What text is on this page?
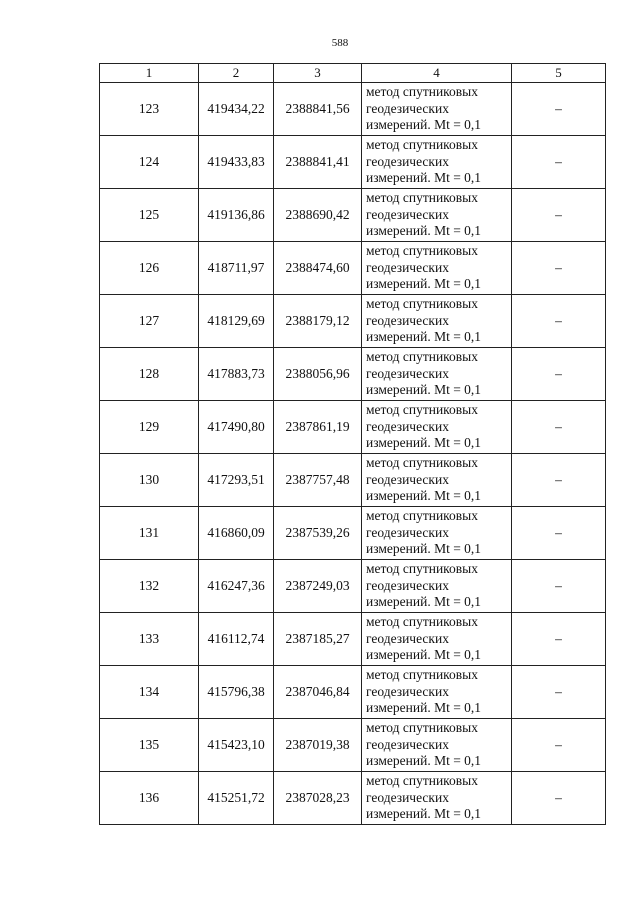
588
1	2	3	4	5
123	419434,22	2388841,56	метод спутниковых
геодезических
измерений. Mt = 0,1	–
124	419433,83	2388841,41	метод спутниковых
геодезических
измерений. Mt = 0,1	–
125	419136,86	2388690,42	метод спутниковых
геодезических
измерений. Mt = 0,1	–
126	418711,97	2388474,60	метод спутниковых
геодезических
измерений. Mt = 0,1	–
127	418129,69	2388179,12	метод спутниковых
геодезических
измерений. Mt = 0,1	–
128	417883,73	2388056,96	метод спутниковых
геодезических
измерений. Mt = 0,1	–
129	417490,80	2387861,19	метод спутниковых
геодезических
измерений. Mt = 0,1	–
130	417293,51	2387757,48	метод спутниковых
геодезических
измерений. Mt = 0,1	–
131	416860,09	2387539,26	метод спутниковых
геодезических
измерений. Mt = 0,1	–
132	416247,36	2387249,03	метод спутниковых
геодезических
измерений. Mt = 0,1	–
133	416112,74	2387185,27	метод спутниковых
геодезических
измерений. Mt = 0,1	–
134	415796,38	2387046,84	метод спутниковых
геодезических
измерений. Mt = 0,1	–
135	415423,10	2387019,38	метод спутниковых
геодезических
измерений. Mt = 0,1	–
136	415251,72	2387028,23	метод спутниковых
геодезических
измерений. Mt = 0,1	–
